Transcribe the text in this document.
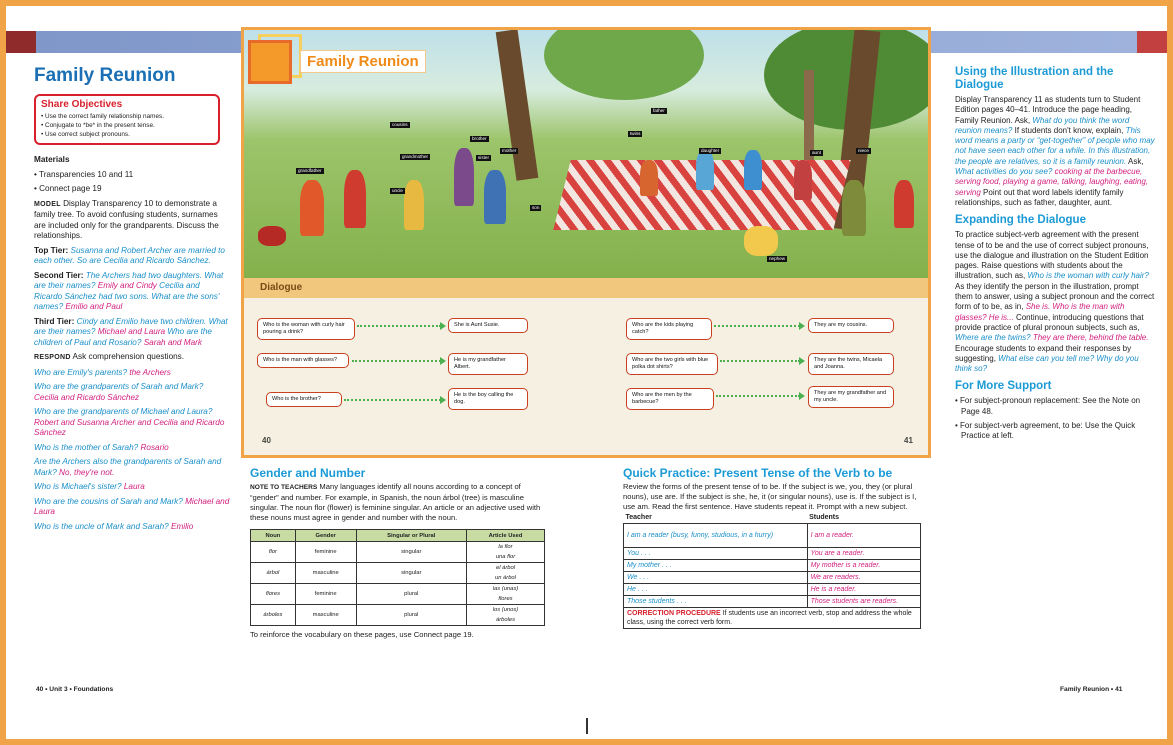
Family Reunion
Share Objectives
• Use the correct family relationship names.
• Conjugate to *be* in the present tense.
• Use correct subject pronouns.

Materials

• Transparencies 10 and 11

• Connect page 19

MODEL Display Transparency 10 to demonstrate a family tree. To avoid confusing students, surnames are included only for the grandparents. Discuss the relationships.

Top Tier: Susanna and Robert Archer are married to each other. So are Cecilia and Ricardo Sánchez.

Second Tier: The Archers had two daughters. What are their names? Emily and Cindy Cecilia and Ricardo Sánchez had two sons. What are the sons' names? Emilio and Paul

Third Tier: Cindy and Emilio have two children. What are their names? Michael and Laura Who are the children of Paul and Rosario? Sarah and Mark

RESPOND Ask comprehension questions.

Who are Emily's parents? the Archers

Who are the grandparents of Sarah and Mark? Cecilia and Ricardo Sánchez

Who are the grandparents of Michael and Laura? Robert and Susanna Archer and Cecilia and Ricardo Sánchez

Who is the mother of Sarah? Rosario

Are the Archers also the grandparents of Sarah and Mark? No, they're not.

Who is Michael's sister? Laura

Who are the cousins of Sarah and Mark? Michael and Laura

Who is the uncle of Mark and Sarah? Emilio

40 • Unit 3 • Foundations
cousins
brother
mother
sister
grandfather
grandmother
uncle
aunt
father
daughter
twins
son
niece
nephew
Family Reunion
Dialogue
Who is the woman with curly hair pouring a drink?
She is Aunt Susie.
Who is the man with glasses?	He is my grandfather Albert.
Who is the brother?
He is the boy calling the dog.
Who are the kids playing catch?
They are my cousins.
Who are the two girls with blue polka dot shirts?
They are the twins, Micaela and Joanna.
Who are the men by the barbecue?
They are my grandfather and my uncle.
40	41
Gender and Number

NOTE TO TEACHERS Many languages identify all nouns according to a concept of “gender” and number. For example, in Spanish, the noun árbol (tree) is masculine singular. The noun flor (flower) is feminine singular. An article or an adjective used with these nouns must agree in gender and number with the noun.

Noun	Gender	Singular or Plural	Article Used
flor	feminine	singular	la flor
una flor
árbol	masculine	singular	el árbol
un árbol
flores	feminine	plural	las (unas)
flores
árboles	masculine	plural	los (unos)
árboles

To reinforce the vocabulary on these pages, use Connect page 19.

Quick Practice: Present Tense of the Verb to be

Review the forms of the present tense of to be. If the subject is we, you, they (or plural nouns), use are. If the subject is she, he, it (or singular nouns), use is. If the subject is I, use am. Read the first sentence. Have students repeat it. Prompt with a new subject.

Teacher	Students
I am a reader (busy, funny, studious, in a hurry)	I am a reader.
You . . .	You are a reader.
My mother . . .	My mother is a reader.
We . . .	We are readers.
He . . .	He is a reader.
Those students . . .	Those students are readers.
CORRECTION PROCEDURE If students use an incorrect verb, stop and address the whole class, using the correct verb form.
Using the Illustration and the Dialogue

Display Transparency 11 as students turn to Student Edition pages 40–41. Introduce the page heading, Family Reunion. Ask, What do you think the word reunion means? If students don't know, explain, This word means a party or “get-together” of people who may not have seen each other for a while. In this illustration, the people are relatives, so it is a family reunion. Ask, What activities do you see? cooking at the barbecue, serving food, playing a game, talking, laughing, eating, serving Point out that word labels identify family relationships, such as father, daughter, aunt.

Expanding the Dialogue

To practice subject-verb agreement with the present tense of to be and the use of correct subject pronouns, use the dialogue and illustration on the Student Edition pages. Raise questions with students about the illustration, such as, Who is the woman with curly hair? As they identify the person in the illustration, prompt them to answer, using a subject pronoun and the correct form of to be, as in, She is. Who is the man with glasses? He is... Continue, introducing questions that provide practice of plural pronoun subjects, such as, Where are the twins? They are there, behind the table. Encourage students to expand their responses by suggesting, What else can you tell me? Why do you think so?

For More Support

• For subject-pronoun replacement: See the Note on Page 48.

• For subject-verb agreement, to be: Use the Quick Practice at left.

Family Reunion • 41
